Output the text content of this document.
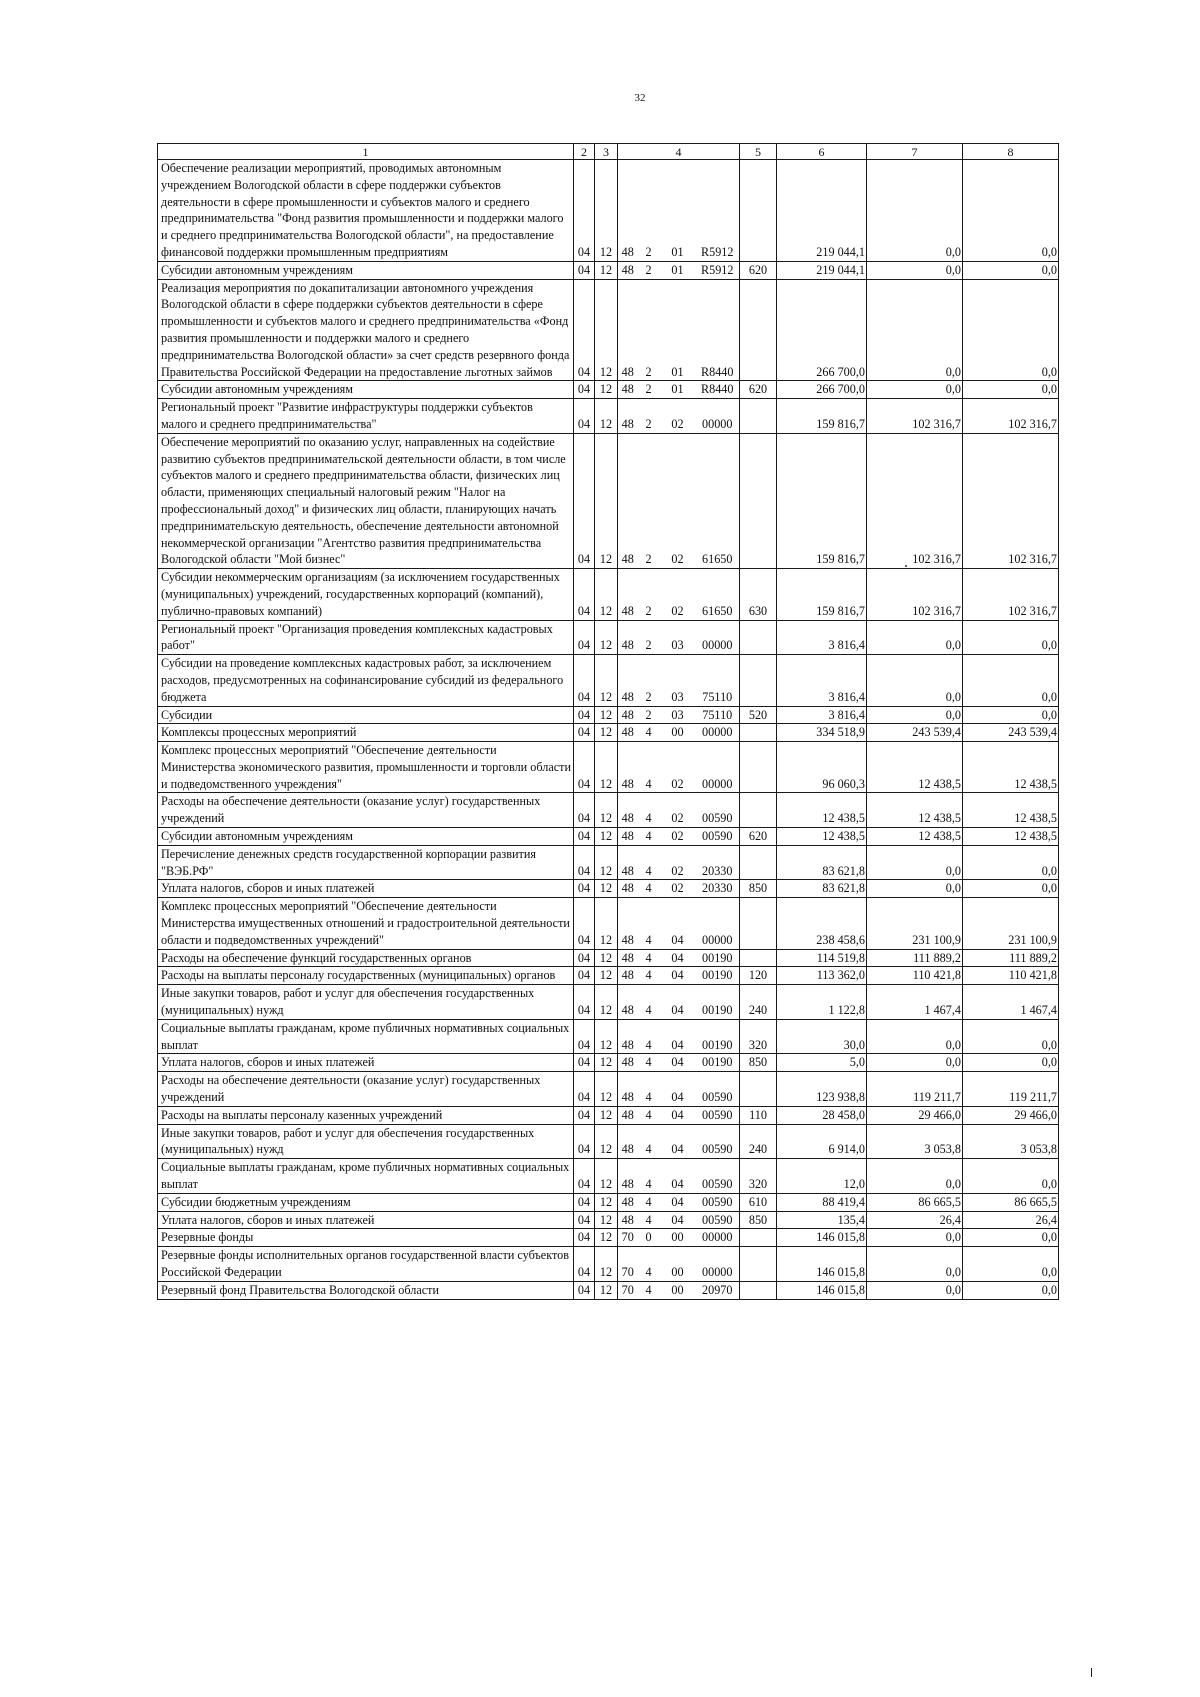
32
1	2	3	4				5	6	7	8
Обеспечение реализации мероприятий, проводимых автономным учреждением Вологодской области в сфере поддержки субъектов деятельности в сфере промышленности и субъектов малого и среднего предпринимательства "Фонд развития промышленности и поддержки малого и среднего предпринимательства Вологодской области", на предоставление финансовой поддержки промышленным предприятиям	04	12	48	2	01	R5912		219 044,1	0,0	0,0
Субсидии автономным учреждениям	04	12	48	2	01	R5912	620	219 044,1	0,0	0,0
Реализация мероприятия по докапитализации автономного учреждения Вологодской области в сфере поддержки субъектов деятельности в сфере промышленности и субъектов малого и среднего предпринимательства «Фонд развития промышленности и поддержки малого и среднего предпринимательства Вологодской области» за счет средств резервного фонда Правительства Российской Федерации на предоставление льготных займов	04	12	48	2	01	R8440		266 700,0	0,0	0,0
Субсидии автономным учреждениям	04	12	48	2	01	R8440	620	266 700,0	0,0	0,0
Региональный проект "Развитие инфраструктуры поддержки субъектов малого и среднего предпринимательства"	04	12	48	2	02	00000		159 816,7	102 316,7	102 316,7
Обеспечение мероприятий по оказанию услуг, направленных на содействие развитию субъектов предпринимательской деятельности области, в том числе субъектов малого и среднего предпринимательства области, физических лиц области, применяющих специальный налоговый режим "Налог на профессиональный доход" и физических лиц области, планирующих начать предпринимательскую деятельность, обеспечение деятельности автономной некоммерческой организации "Агентство развития предпринимательства Вологодской области "Мой бизнес"	04	12	48	2	02	61650		159 816,7	102 316,7	102 316,7
Субсидии некоммерческим организациям (за исключением государственных (муниципальных) учреждений, государственных корпораций (компаний), публично-правовых компаний)	04	12	48	2	02	61650	630	159 816,7	102 316,7	102 316,7
Региональный проект "Организация проведения комплексных кадастровых работ"	04	12	48	2	03	00000		3 816,4	0,0	0,0
Субсидии на проведение комплексных кадастровых работ, за исключением расходов, предусмотренных на софинансирование субсидий из федерального бюджета	04	12	48	2	03	75110		3 816,4	0,0	0,0
Субсидии	04	12	48	2	03	75110	520	3 816,4	0,0	0,0
Комплексы процессных мероприятий	04	12	48	4	00	00000		334 518,9	243 539,4	243 539,4
Комплекс процессных мероприятий "Обеспечение деятельности Министерства экономического развития, промышленности и торговли области и подведомственного учреждения"	04	12	48	4	02	00000		96 060,3	12 438,5	12 438,5
Расходы на обеспечение деятельности (оказание услуг) государственных учреждений	04	12	48	4	02	00590		12 438,5	12 438,5	12 438,5
Субсидии автономным учреждениям	04	12	48	4	02	00590	620	12 438,5	12 438,5	12 438,5
Перечисление денежных средств государственной корпорации развития "ВЭБ.РФ"	04	12	48	4	02	20330		83 621,8	0,0	0,0
Уплата налогов, сборов и иных платежей	04	12	48	4	02	20330	850	83 621,8	0,0	0,0
Комплекс процессных мероприятий "Обеспечение деятельности Министерства имущественных отношений и градостроительной деятельности области и подведомственных учреждений"	04	12	48	4	04	00000		238 458,6	231 100,9	231 100,9
Расходы на обеспечение функций государственных органов	04	12	48	4	04	00190		114 519,8	111 889,2	111 889,2
Расходы на выплаты персоналу государственных (муниципальных) органов	04	12	48	4	04	00190	120	113 362,0	110 421,8	110 421,8
Иные закупки товаров, работ и услуг для обеспечения государственных (муниципальных) нужд	04	12	48	4	04	00190	240	1 122,8	1 467,4	1 467,4
Социальные выплаты гражданам, кроме публичных нормативных социальных выплат	04	12	48	4	04	00190	320	30,0	0,0	0,0
Уплата налогов, сборов и иных платежей	04	12	48	4	04	00190	850	5,0	0,0	0,0
Расходы на обеспечение деятельности (оказание услуг) государственных учреждений	04	12	48	4	04	00590		123 938,8	119 211,7	119 211,7
Расходы на выплаты персоналу казенных учреждений	04	12	48	4	04	00590	110	28 458,0	29 466,0	29 466,0
Иные закупки товаров, работ и услуг для обеспечения государственных (муниципальных) нужд	04	12	48	4	04	00590	240	6 914,0	3 053,8	3 053,8
Социальные выплаты гражданам, кроме публичных нормативных социальных выплат	04	12	48	4	04	00590	320	12,0	0,0	0,0
Субсидии бюджетным учреждениям	04	12	48	4	04	00590	610	88 419,4	86 665,5	86 665,5
Уплата налогов, сборов и иных платежей	04	12	48	4	04	00590	850	135,4	26,4	26,4
Резервные фонды	04	12	70	0	00	00000		146 015,8	0,0	0,0
Резервные фонды исполнительных органов государственной власти субъектов Российской Федерации	04	12	70	4	00	00000		146 015,8	0,0	0,0
Резервный фонд Правительства Вологодской области	04	12	70	4	00	20970		146 015,8	0,0	0,0
